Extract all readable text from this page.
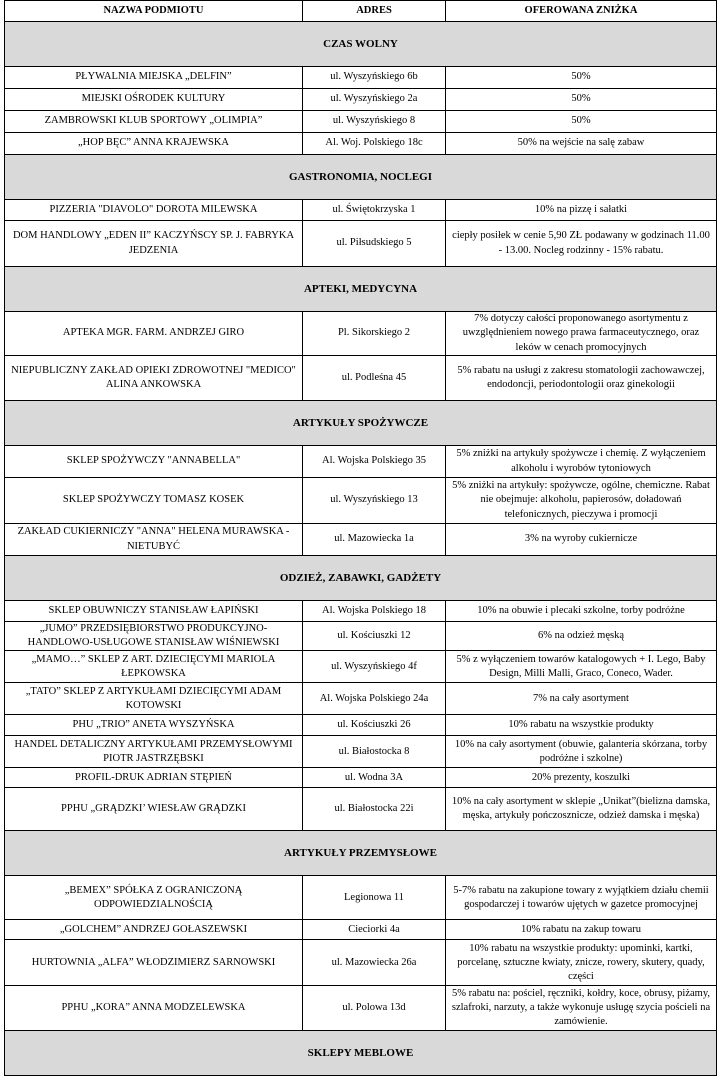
NAZWA PODMIOTU	ADRES	OFEROWANA ZNIŻKA
CZAS WOLNY		
PŁYWALNIA MIEJSKA „DELFIN”	ul. Wyszyńskiego 6b	50%
MIEJSKI OŚRODEK KULTURY	ul. Wyszyńskiego 2a	50%
ZAMBROWSKI KLUB SPORTOWY „OLIMPIA”	ul. Wyszyńskiego 8	50%
„HOP BĘC” ANNA KRAJEWSKA	Al. Woj. Polskiego 18c	50% na wejście na salę zabaw
GASTRONOMIA, NOCLEGI		
PIZZERIA "DIAVOLO" DOROTA MILEWSKA	ul. Świętokrzyska 1	10% na pizzę i sałatki
DOM HANDLOWY „EDEN II” KACZYŃSCY SP. J. FABRYKA JEDZENIA	ul. Piłsudskiego 5	ciepły posiłek w cenie 5,90 ZŁ podawany w godzinach 11.00 - 13.00. Nocleg rodzinny - 15% rabatu.
APTEKI, MEDYCYNA		
APTEKA MGR. FARM. ANDRZEJ GIRO	Pl. Sikorskiego 2	7% dotyczy całości proponowanego asortymentu z uwzględnieniem nowego prawa farmaceutycznego, oraz leków w cenach promocyjnych
NIEPUBLICZNY ZAKŁAD OPIEKI ZDROWOTNEJ "MEDICO" ALINA ANKOWSKA	ul. Podleśna 45	5% rabatu na usługi z zakresu stomatologii zachowawczej, endodoncji, periodontologii oraz ginekologii
ARTYKUŁY SPOŻYWCZE		
SKLEP SPOŻYWCZY "ANNABELLA"	Al. Wojska Polskiego 35	5% zniżki na artykuły spożywcze i chemię. Z wyłączeniem alkoholu i wyrobów tytoniowych
SKLEP SPOŻYWCZY TOMASZ KOSEK	ul. Wyszyńskiego 13	5% zniżki na artykuły: spożywcze, ogólne, chemiczne. Rabat nie obejmuje: alkoholu, papierosów, doładowań telefonicznych, pieczywa i promocji
ZAKŁAD CUKIERNICZY "ANNA" HELENA MURAWSKA - NIETUBYĆ	ul. Mazowiecka 1a	3% na wyroby cukiernicze
ODZIEŻ, ZABAWKI, GADŻETY		
SKLEP OBUWNICZY STANISŁAW ŁAPIŃSKI	Al. Wojska Polskiego 18	10% na obuwie i plecaki szkolne, torby podróżne
„JUMO” PRZEDSIĘBIORSTWO PRODUKCYJNO-HANDLOWO-USŁUGOWE STANISŁAW WIŚNIEWSKI	ul. Kościuszki 12	6% na odzież męską
„MAMO…” SKLEP Z ART. DZIECIĘCYMI MARIOLA ŁEPKOWSKA	ul. Wyszyńskiego 4f	5% z wyłączeniem towarów katalogowych + I. Lego, Baby Design, Milli Malli, Graco, Coneco, Wader.
„TATO” SKLEP Z ARTYKUŁAMI DZIECIĘCYMI ADAM KOTOWSKI	Al. Wojska Polskiego 24a	7% na cały asortyment
PHU „TRIO” ANETA WYSZYŃSKA	ul. Kościuszki 26	10% rabatu na wszystkie produkty
HANDEL DETALICZNY ARTYKUŁAMI PRZEMYSŁOWYMI PIOTR JASTRZĘBSKI	ul. Białostocka 8	10% na cały asortyment (obuwie, galanteria skórzana, torby podróżne i szkolne)
PROFIL-DRUK ADRIAN STĘPIEŃ	ul. Wodna 3A	20% prezenty, koszulki
PPHU „GRĄDZKI’ WIESŁAW GRĄDZKI	ul. Białostocka 22i	10% na cały asortyment w sklepie „Unikat”(bielizna damska, męska, artykuły pończosznicze, odzież damska i męska)
ARTYKUŁY PRZEMYSŁOWE		
„BEMEX” SPÓŁKA Z OGRANICZONĄ ODPOWIEDZIALNOŚCIĄ	Legionowa 11	5-7% rabatu na zakupione towary z wyjątkiem działu chemii gospodarczej i towarów ujętych w gazetce promocyjnej
„GOLCHEM” ANDRZEJ GOŁASZEWSKI	Cieciorki 4a	10% rabatu na zakup towaru
HURTOWNIA „ALFA” WŁODZIMIERZ SARNOWSKI	ul. Mazowiecka 26a	10% rabatu na wszystkie produkty: upominki, kartki, porcelanę, sztuczne kwiaty, znicze, rowery, skutery, quady, części
PPHU „KORA” ANNA MODZELEWSKA	ul. Polowa 13d	5% rabatu na: pościel, ręczniki, kołdry, koce, obrusy, piżamy, szlafroki, narzuty, a także wykonuje usługę szycia pościeli na zamówienie.
SKLEPY MEBLOWE		
